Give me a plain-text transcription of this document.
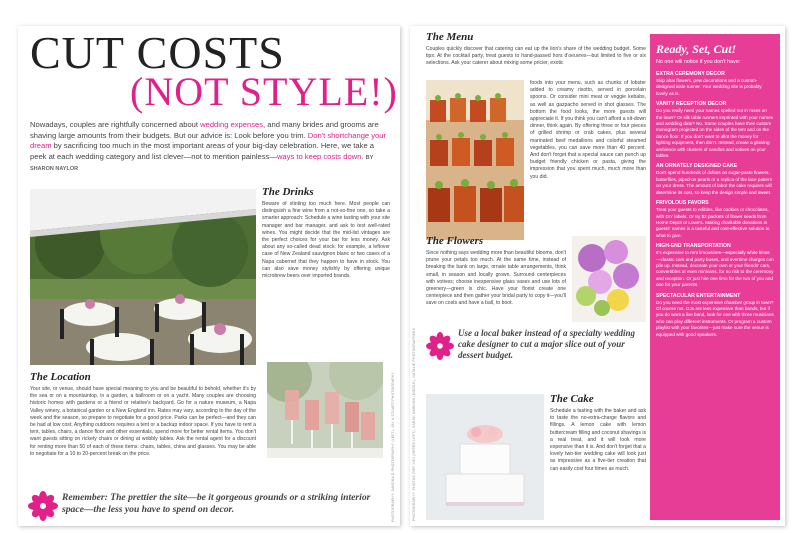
CUT COSTS
(NOT STYLE!)
Nowadays, couples are rightfully concerned about wedding expenses, and many brides and grooms are shaving large amounts from their budgets. But our advice is: Look before you trim. Don't shortchange your dream by sacrificing too much in the most important areas of your big-day celebration. Here, we take a peek at each wedding category and list clever—not to mention painless—ways to keep costs down. BY SHARON NAYLOR
The Drinks
Beware of stinting too much here. Most people can distinguish a fine wine from a not-so-fine one, so take a smarter approach: Schedule a wine tasting with your site manager and bar manager, and ask to test well-rated wines. You might decide that the mid-list vintages are the perfect choices for your bar for less money. Ask about any so-called dead stock: for example, a leftover case of New Zealand sauvignon blanc or two cases of a Napa cabernet that they happen to have in stock. You can also save money stylishly by offering unique microbrew beers over imported brands.
The Location
Your site, or venue, should have special meaning to you and be beautiful to behold, whether it's by the sea or on a mountaintop, in a garden, a ballroom or on a yacht. Many couples are choosing historic homes with gardens or a friend or relative's backyard. Go for a nature museum, a Napa Valley winery, a botanical garden or a New England inn. Rates may vary, according to the day of the week and the season, so prepare to negotiate for a good price. Parks can be perfect—and they can be had at low cost. Anything outdoors requires a tent or a backup indoor space. If you have to rent a tent, tables, chairs, a dance floor and other essentials, spend more for better rental items. You don't want guests sitting on rickety chairs or dining at wobbly tables. Ask the rental agent for a discount for renting more than 50 of each of these items: chairs, tables, china and glasses. You may be able to negotiate for a 10 to 20-percent break on the price.	PHOTOGRAPHY: SANDRA D PHOTOGRAPHY (LEFT), JAY & STUART PHOTOGRAPHY
Remember: The prettier the site—be it gorgeous grounds or a striking interior space—the less you have to spend on decor.	PHOTOGRAPHY: PHOTOS FOR YOU (UPPER LEFT), SARAH MORGAN (MIDDLE), NATALIE PHOTOGRAPHERS
The Menu
Couples quickly discover that catering can eat up the lion's share of the wedding budget. Some tips: At the cocktail party, treat guests to hand-passed hors d'oeuvres—but limited to five or six selections. Ask your caterer about mixing some pricier, exotic
foods into your menu, such as chunks of lobster added to creamy risotto, served in porcelain spoons. Or consider mini meat or veggie kebabs, as well as gazpacho served in shot glasses. The bottom the food looks, the more guests will appreciate it. If you think you can't afford a sit-down dinner, think again. By offering three or four pieces of grilled shrimp or crab cakes, plus several marinated beef medallions and colorful steamed vegetables, you can save more than 40 percent. And don't forget that a special sauce can punch up budget friendly chicken or pasta, giving the impression that you spent much, much more than you did.
The Flowers
Since nothing says wedding more than beautiful blooms, don't prune your petals too much. At the same time, instead of breaking the bank on large, ornate table arrangements, think small, in season and locally grown. Surround centerpieces with votives; choose inexpensive glass vases and use lots of greenery—green is chic. Have your florist create one centerpiece and then gather your bridal party to copy it—you'll save on costs and have a ball, to boot.
Use a local baker instead of a specialty wedding cake designer to cut a major slice out of your dessert budget.
The Cake
Schedule a tasting with the baker and ask to taste the no-extra-charge flavors and fillings. A lemon cake with lemon buttercream filling and coconut shavings is a real treat, and it will look more expensive than it is. And don't forget that a lovely two-tier wedding cake will look just as impressive as a five-tier creation that can easily cost four times as much.
Ready, Set, Cut!
No one will notice if you don't have:
EXTRA CEREMONY DECOR
Skip altar flowers, pew decorations and a custom-designed aisle runner. Your wedding site is probably lovely as is.
VANITY RECEPTION DECOR
Do you really need your names spelled out in roses on the lawn? Or silk table runners imprinted with your names and wedding date? No. Some couples have their custom monogram projected on the sides of the tent and on the dance floor. If you don't want to allot the money for lighting equipment, then don't. Instead, create a glowing ambience with clusters of candles and votives on your tables.
AN ORNATELY DESIGNED CAKE
Don't spend hundreds of dollars on sugar-paste flowers, butterflies, piped-on pearls or a replica of the lace pattern on your dress. The amount of labor the cake requires will determine its cost, so keep the design simple and sweet.
FRIVOLOUS FAVORS
Treat your guests to edibles, like cookies or chocolates, with DIY labels. Or try $2 packets of flower seeds from Home Depot or Lowe's. Making charitable donations in guests' names is a tasteful and cost-effective solution to what to give.
HIGH-END TRANSPORTATION
It's expensive to rent limousines—especially white limos—classic cars and party buses, and overtime charges can pile up. Instead, decorate your own or your friends' cars, convertibles or even minivans, for no risk to the ceremony and reception. Or just hire one limo for the two of you and one for your parents.
SPECTACULAR ENTERTAINMENT
Do you need the most expensive chamber group in town? Of course not. DJs are less expensive than bands, but if you do want a live band, look for one with three musicians who can play different instruments. Or program a custom playlist with your favorites—just make sure the venue is equipped with good speakers.
